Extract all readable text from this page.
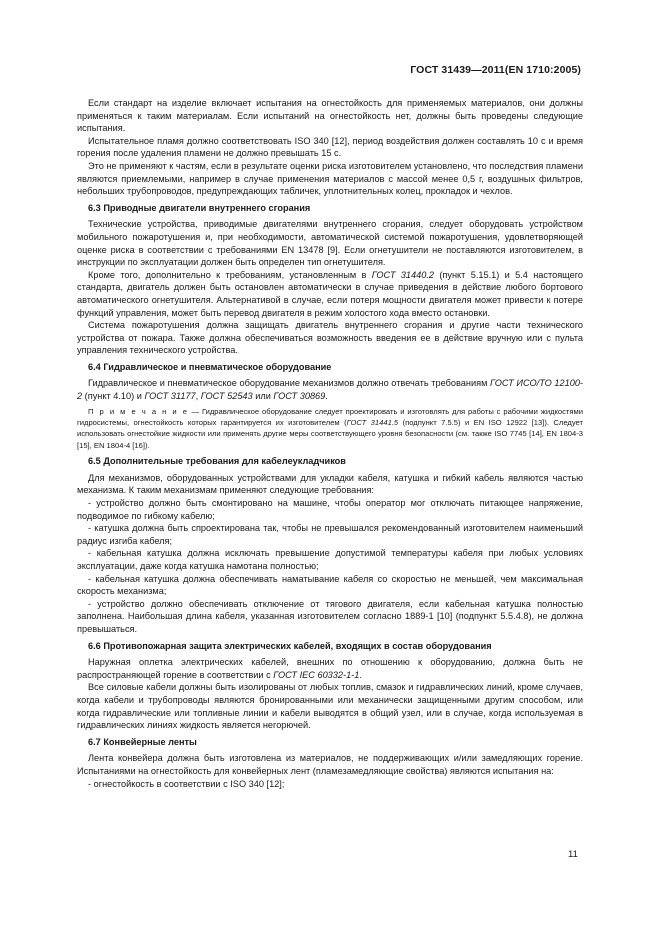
ГОСТ 31439—2011(EN 1710:2005)

Если стандарт на изделие включает испытания на огнестойкость для применяемых материалов, они должны применяться к таким материалам. Если испытаний на огнестойкость нет, должны быть проведены следующие испытания.

Испытательное пламя должно соответствовать ISO 340 [12], период воздействия должен составлять 10 с и время горения после удаления пламени не должно превышать 15 с.

Это не применяют к частям, если в результате оценки риска изготовителем установлено, что последствия пламени являются приемлемыми, например в случае применения материалов с массой менее 0,5 г, воздушных фильтров, небольших трубопроводов, предупреждающих табличек, уплотнительных колец, прокладок и чехлов.

6.3 Приводные двигатели внутреннего сгорания

Технические устройства, приводимые двигателями внутреннего сгорания, следует оборудовать устройством мобильного пожаротушения и, при необходимости, автоматической системой пожаротушения, удовлетворяющей оценке риска в соответствии с требованиями EN 13478 [9]. Если огнетушители не поставляются изготовителем, в инструкции по эксплуатации должен быть определен тип огнетушителя.

Кроме того, дополнительно к требованиям, установленным в ГОСТ 31440.2 (пункт 5.15.1) и 5.4 настоящего стандарта, двигатель должен быть остановлен автоматически в случае приведения в действие любого бортового автоматического огнетушителя. Альтернативой в случае, если потеря мощности двигателя может привести к потере функций управления, может быть перевод двигателя в режим холостого хода вместо остановки.

Система пожаротушения должна защищать двигатель внутреннего сгорания и другие части технического устройства от пожара. Также должна обеспечиваться возможность введения ее в действие вручную или с пульта управления технического устройства.

6.4 Гидравлическое и пневматическое оборудование

Гидравлическое и пневматическое оборудование механизмов должно отвечать требованиям ГОСТ ИСО/ТО 12100-2 (пункт 4.10) и ГОСТ 31177, ГОСТ 52543 или ГОСТ 30869.

П р и м е ч а н и е — Гидравлическое оборудование следует проектировать и изготовлять для работы с рабочими жидкостями гидросистемы, огнестойкость которых гарантируется их изготовителем (ГОСТ 31441.5 (подпункт 7.5.5) и EN ISO 12922 [13]). Следует использовать огнестойкие жидкости или применять другие меры соответствующего уровня безопасности (см. также ISO 7745 [14], EN 1804-3 [15], EN 1804-4 [16]).

6.5 Дополнительные требования для кабелеукладчиков

Для механизмов, оборудованных устройствами для укладки кабеля, катушка и гибкий кабель являются частью механизма. К таким механизмам применяют следующие требования:

- устройство должно быть смонтировано на машине, чтобы оператор мог отключать питающее напряжение, подводимое по гибкому кабелю;

- катушка должна быть спроектирована так, чтобы не превышался рекомендованный изготовителем наименьший радиус изгиба кабеля;

- кабельная катушка должна исключать превышение допустимой температуры кабеля при любых условиях эксплуатации, даже когда катушка намотана полностью;

- кабельная катушка должна обеспечивать наматывание кабеля со скоростью не меньшей, чем максимальная скорость механизма;

- устройство должно обеспечивать отключение от тягового двигателя, если кабельная катушка полностью заполнена. Наибольшая длина кабеля, указанная изготовителем согласно 1889-1 [10] (подпункт 5.5.4.8), не должна превышаться.

6.6 Противопожарная защита электрических кабелей, входящих в состав оборудования

Наружная оплетка электрических кабелей, внешних по отношению к оборудованию, должна быть не распространяющей горение в соответствии с ГОСТ IEC 60332-1-1.

Все силовые кабели должны быть изолированы от любых топлив, смазок и гидравлических линий, кроме случаев, когда кабели и трубопроводы являются бронированными или механически защищенными другим способом, или когда гидравлические или топливные линии и кабели выводятся в общий узел, или в случае, когда используемая в гидравлических линиях жидкость является негорючей.

6.7 Конвейерные ленты

Лента конвейера должна быть изготовлена из материалов, не поддерживающих и/или замедляющих горение. Испытаниями на огнестойкость для конвейерных лент (пламезамедляющие свойства) являются испытания на:

- огнестойкость в соответствии с ISO 340 [12];

11
